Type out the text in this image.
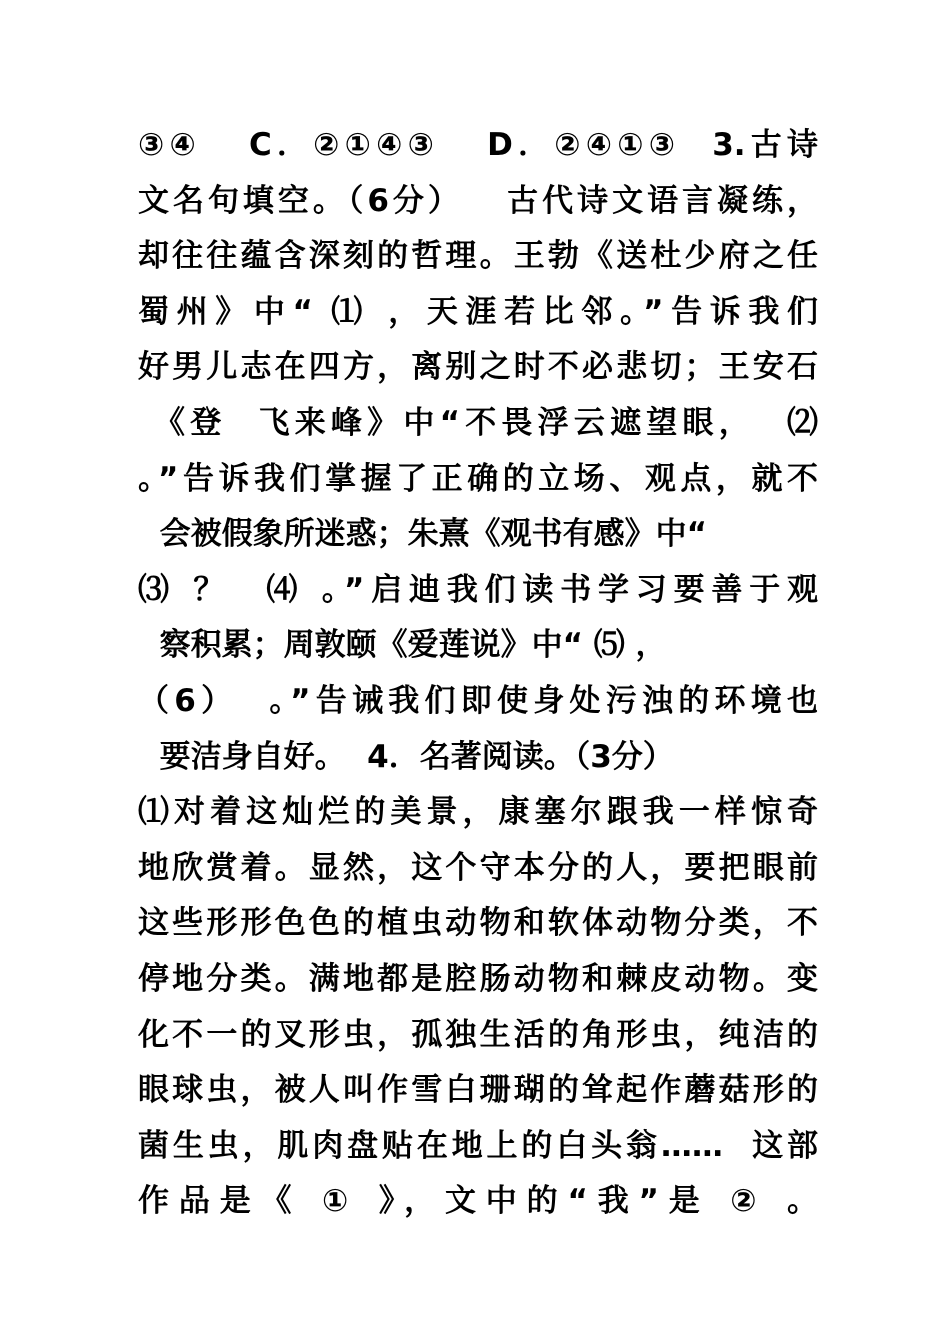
③④   C．②①④③   D．②④①③  3.古诗
文名句填空。（6分）   古代诗文语言凝练，
却往往蕴含深刻的哲理。王勃《送杜少府之任
蜀州》中“ ⑴ ，天涯若比邻。”告诉我们
好男儿志在四方，离别之时不必悲切；王安石
《登  飞来峰》中“不畏浮云遮望眼，  ⑵
。”告诉我们掌握了正确的立场、观点，就不
会被假象所迷惑；朱熹《观书有感》中“
⑶ ？  ⑷ 。”启迪我们读书学习要善于观
察积累；周敦颐《爱莲说》中“ ⑸ ，
（6）  。”告诫我们即使身处污浊的环境也
要洁身自好。  4．名著阅读。（3分）
⑴对着这灿烂的美景，康塞尔跟我一样惊奇
地欣赏着。显然，这个守本分的人，要把眼前
这些形形色色的植虫动物和软体动物分类，不
停地分类。满地都是腔肠动物和棘皮动物。变
化不一的叉形虫，孤独生活的角形虫，纯洁的
眼球虫，被人叫作雪白珊瑚的耸起作蘑菇形的
菌生虫，肌肉盘贴在地上的白头翁……  这部
作品是《 ① 》，文中的“我”是 ② 。
